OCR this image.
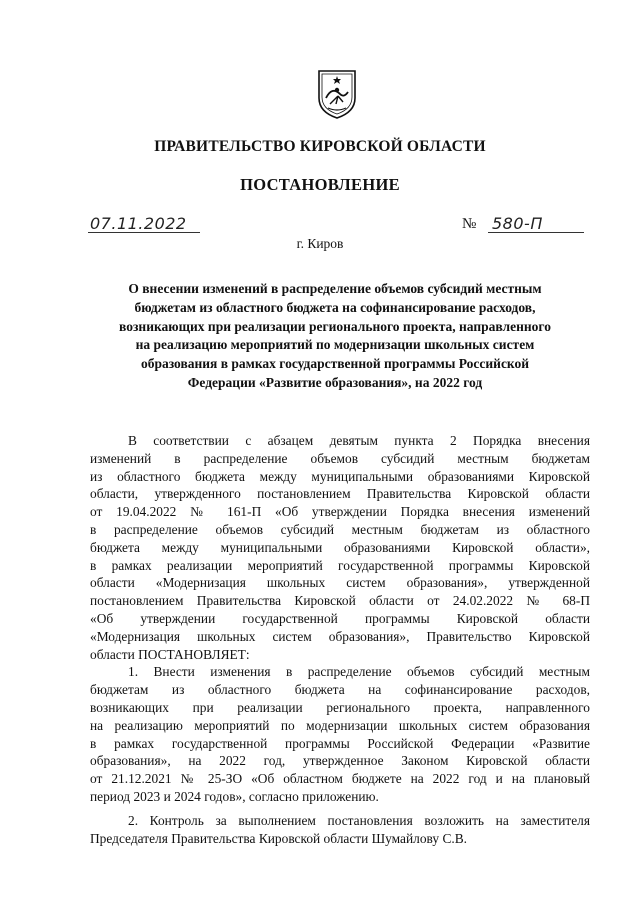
ПРАВИТЕЛЬСТВО КИРОВСКОЙ ОБЛАСТИ
ПОСТАНОВЛЕНИЕ
07.11.2022	№ 580-П
г. Киров
О внесении изменений в распределение объемов субсидий местным
бюджетам из областного бюджета на софинансирование расходов,
возникающих при реализации регионального проекта, направленного
на реализацию мероприятий по модернизации школьных систем
образования в рамках государственной программы Российской
Федерации «Развитие образования», на 2022 год
В соответствии с абзацем девятым пункта 2 Порядка внесения
изменений в распределение объемов субсидий местным бюджетам
из областного бюджета между муниципальными образованиями Кировской
области, утвержденного постановлением Правительства Кировской области
от 19.04.2022 № 161-П «Об утверждении Порядка внесения изменений
в распределение объемов субсидий местным бюджетам из областного
бюджета между муниципальными образованиями Кировской области»,
в рамках реализации мероприятий государственной программы Кировской
области «Модернизация школьных систем образования», утвержденной
постановлением Правительства Кировской области от 24.02.2022 № 68-П
«Об утверждении государственной программы Кировской области
«Модернизация школьных систем образования», Правительство Кировской
области ПОСТАНОВЛЯЕТ:
1. Внести изменения в распределение объемов субсидий местным
бюджетам из областного бюджета на софинансирование расходов,
возникающих при реализации регионального проекта, направленного
на реализацию мероприятий по модернизации школьных систем образования
в рамках государственной программы Российской Федерации «Развитие
образования», на 2022 год, утвержденное Законом Кировской области
от 21.12.2021 № 25-ЗО «Об областном бюджете на 2022 год и на плановый
период 2023 и 2024 годов», согласно приложению.
2. Контроль за выполнением постановления возложить на заместителя
Председателя Правительства Кировской области Шумайлову С.В.
